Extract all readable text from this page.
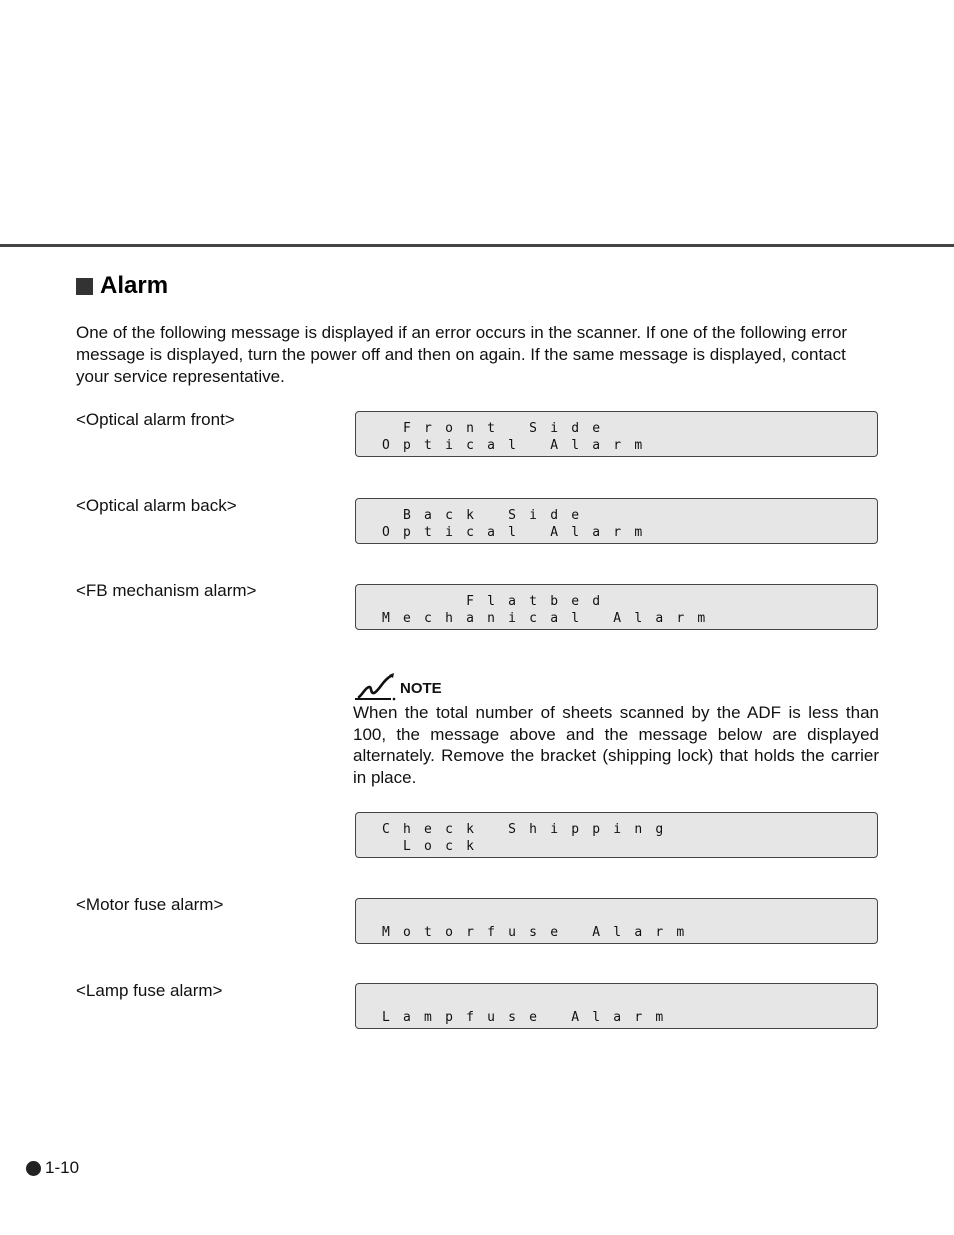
Alarm
One of the following message is displayed if an error occurs in the scanner. If one of the following error message is displayed, turn the power off and then on again. If the same message is displayed, contact your service representative.
<Optical alarm front>	Front Side
Optical Alarm
<Optical alarm back>
Back Side
Optical Alarm
<FB mechanism alarm>
Flatbed
Mechanical Alarm
NOTE
When the total number of sheets scanned by the ADF is less than 100, the message above and the message below are displayed alternately. Remove the bracket (shipping lock) that holds the carrier in place.
Check Shipping
Lock
<Motor fuse alarm>
Motorfuse Alarm
<Lamp fuse alarm>
Lampfuse Alarm
1-10
